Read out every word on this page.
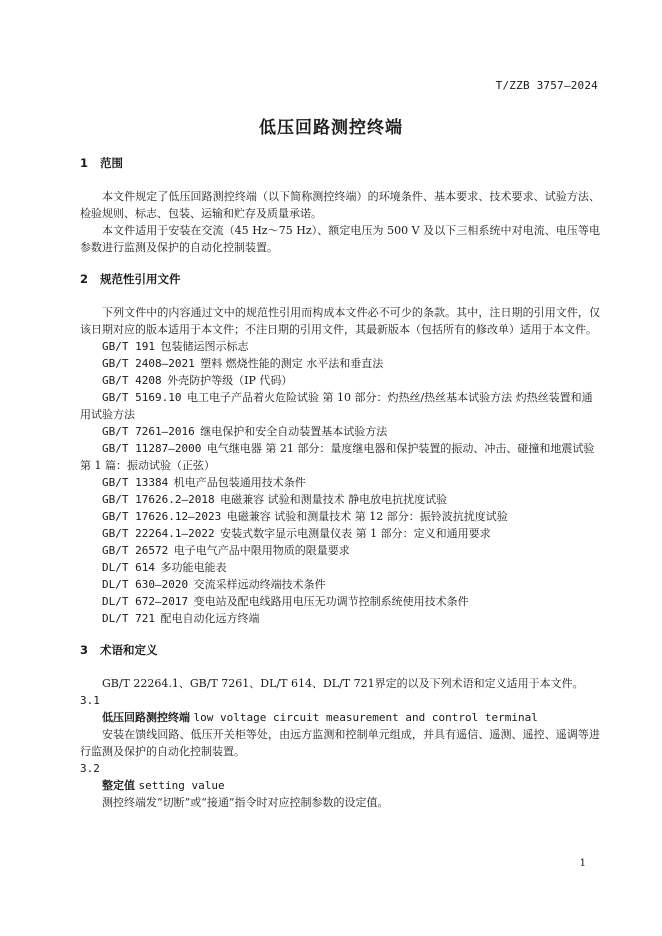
T/ZZB 3757—2024
低压回路测控终端
1 范围

本文件规定了低压回路测控终端（以下简称测控终端）的环境条件、基本要求、技术要求、试验方法、检验规则、标志、包装、运输和贮存及质量承诺。

本文件适用于安装在交流（45 Hz～75 Hz）、额定电压为 500 V 及以下三相系统中对电流、电压等电参数进行监测及保护的自动化控制装置。

2 规范性引用文件

下列文件中的内容通过文中的规范性引用而构成本文件必不可少的条款。其中，注日期的引用文件，仅该日期对应的版本适用于本文件；不注日期的引用文件，其最新版本（包括所有的修改单）适用于本文件。

GB/T 191  包装储运图示标志

GB/T 2408—2021  塑料 燃烧性能的测定 水平法和垂直法

GB/T 4208  外壳防护等级（IP 代码）

GB/T 5169.10  电工电子产品着火危险试验 第 10 部分：灼热丝/热丝基本试验方法 灼热丝装置和通用试验方法

GB/T 7261—2016  继电保护和安全自动装置基本试验方法

GB/T 11287—2000  电气继电器 第 21 部分：量度继电器和保护装置的振动、冲击、碰撞和地震试验 第 1 篇：振动试验（正弦）

GB/T 13384  机电产品包装通用技术条件

GB/T 17626.2—2018  电磁兼容 试验和测量技术 静电放电抗扰度试验

GB/T 17626.12—2023  电磁兼容 试验和测量技术 第 12 部分：振铃波抗扰度试验

GB/T 22264.1—2022  安装式数字显示电测量仪表 第 1 部分：定义和通用要求

GB/T 26572  电子电气产品中限用物质的限量要求

DL/T 614  多功能电能表

DL/T 630—2020  交流采样远动终端技术条件

DL/T 672—2017  变电站及配电线路用电压无功调节控制系统使用技术条件

DL/T 721  配电自动化远方终端

3 术语和定义

GB/T 22264.1、GB/T 7261、DL/T 614、DL/T 721界定的以及下列术语和定义适用于本文件。

3.1

低压回路测控终端 low voltage circuit measurement and control terminal

安装在馈线回路、低压开关柜等处，由远方监测和控制单元组成，并具有遥信、遥测、遥控、遥调等进行监测及保护的自动化控制装置。

3.2

整定值 setting value

测控终端发“切断”或“接通”指令时对应控制参数的设定值。

1
